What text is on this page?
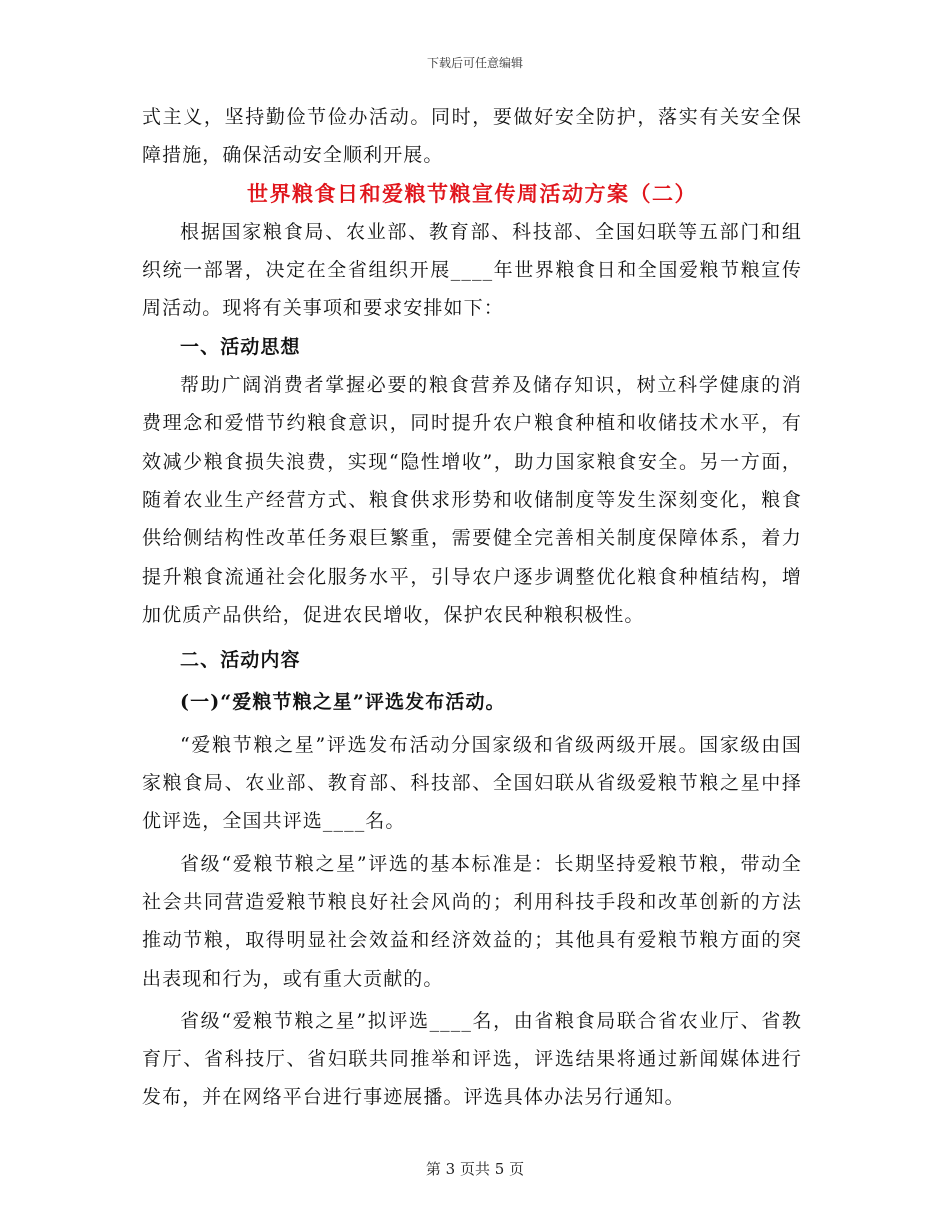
下载后可任意编辑

式主义，坚持勤俭节俭办活动。同时，要做好安全防护，落实有关安全保障措施，确保活动安全顺利开展。

世界粮食日和爱粮节粮宣传周活动方案（二）

根据国家粮食局、农业部、教育部、科技部、全国妇联等五部门和组织统一部署，决定在全省组织开展____年世界粮食日和全国爱粮节粮宣传周活动。现将有关事项和要求安排如下：

一、活动思想

帮助广阔消费者掌握必要的粮食营养及储存知识，树立科学健康的消费理念和爱惜节约粮食意识，同时提升农户粮食种植和收储技术水平，有效减少粮食损失浪费，实现“隐性增收”，助力国家粮食安全。另一方面，随着农业生产经营方式、粮食供求形势和收储制度等发生深刻变化，粮食供给侧结构性改革任务艰巨繁重，需要健全完善相关制度保障体系，着力提升粮食流通社会化服务水平，引导农户逐步调整优化粮食种植结构，增加优质产品供给，促进农民增收，保护农民种粮积极性。

二、活动内容

(一)“爱粮节粮之星”评选发布活动。

“爱粮节粮之星”评选发布活动分国家级和省级两级开展。国家级由国家粮食局、农业部、教育部、科技部、全国妇联从省级爱粮节粮之星中择优评选，全国共评选____名。

省级“爱粮节粮之星”评选的基本标准是：长期坚持爱粮节粮，带动全社会共同营造爱粮节粮良好社会风尚的；利用科技手段和改革创新的方法推动节粮，取得明显社会效益和经济效益的；其他具有爱粮节粮方面的突出表现和行为，或有重大贡献的。

省级“爱粮节粮之星”拟评选____名，由省粮食局联合省农业厅、省教育厅、省科技厅、省妇联共同推举和评选，评选结果将通过新闻媒体进行发布，并在网络平台进行事迹展播。评选具体办法另行通知。

第 3 页共 5 页
